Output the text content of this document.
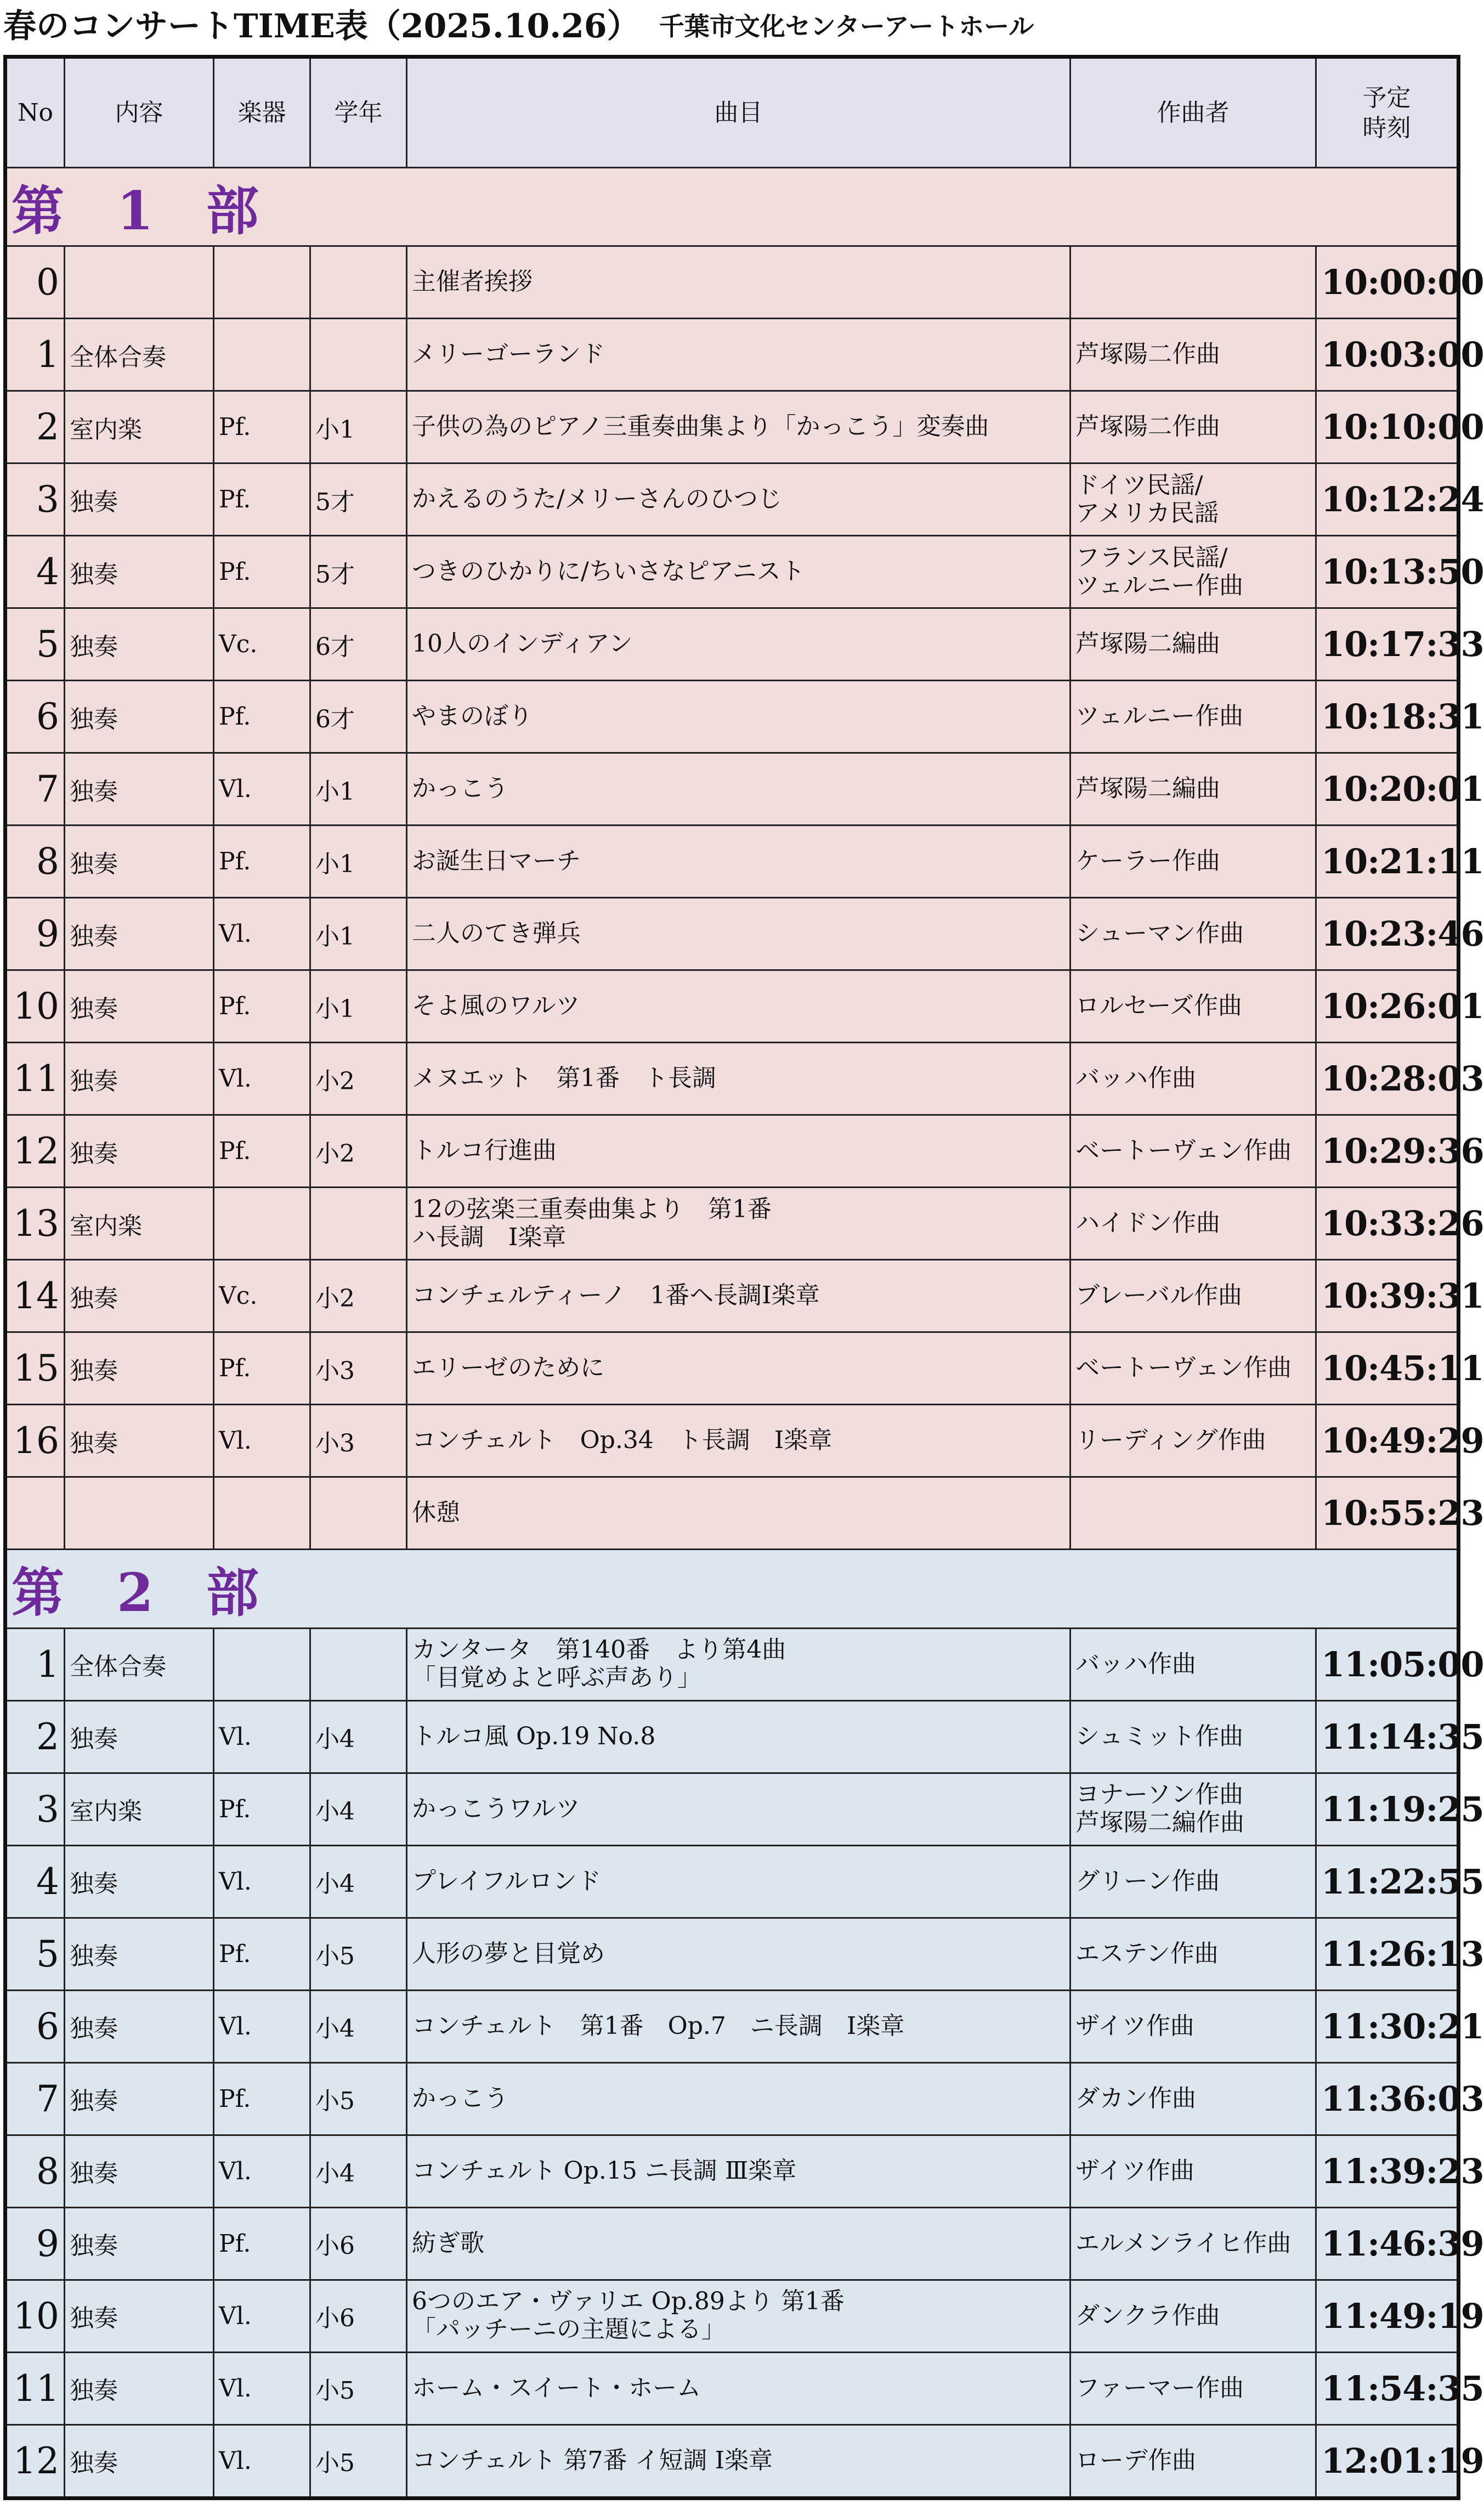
春のコンサートTIME表（2025.10.26） 千葉市文化センターアートホール
No	内容	楽器	学年	曲目	作曲者	予定
時刻
第　1　部						
0				主催者挨拶		10:00:00
1	全体合奏			メリーゴーランド	芦塚陽二作曲	10:03:00
2	室内楽	Pf.	小1	子供の為のピアノ三重奏曲集より「かっこう」変奏曲	芦塚陽二作曲	10:10:00
3	独奏	Pf.	5才	かえるのうた/メリーさんのひつじ	ドイツ民謡/
アメリカ民謡	10:12:24
4	独奏	Pf.	5才	つきのひかりに/ちいさなピアニスト	フランス民謡/
ツェルニー作曲	10:13:50
5	独奏	Vc.	6才	10人のインディアン	芦塚陽二編曲	10:17:33
6	独奏	Pf.	6才	やまのぼり	ツェルニー作曲	10:18:31
7	独奏	Vl.	小1	かっこう	芦塚陽二編曲	10:20:01
8	独奏	Pf.	小1	お誕生日マーチ	ケーラー作曲	10:21:11
9	独奏	Vl.	小1	二人のてき弾兵	シューマン作曲	10:23:46
10	独奏	Pf.	小1	そよ風のワルツ	ロルセーズ作曲	10:26:01
11	独奏	Vl.	小2	メヌエット　第1番　ト長調	バッハ作曲	10:28:03
12	独奏	Pf.	小2	トルコ行進曲	ベートーヴェン作曲	10:29:36
13	室内楽			12の弦楽三重奏曲集より　第1番
ハ長調　Ⅰ楽章	ハイドン作曲	10:33:26
14	独奏	Vc.	小2	コンチェルティーノ　1番ヘ長調Ⅰ楽章	ブレーバル作曲	10:39:31
15	独奏	Pf.	小3	エリーゼのために	ベートーヴェン作曲	10:45:11
16	独奏	Vl.	小3	コンチェルト　Op.34　ト長調　Ⅰ楽章	リーディング作曲	10:49:29
				休憩		10:55:23
第　2　部						
1	全体合奏			カンタータ　第140番　より第4曲
「目覚めよと呼ぶ声あり」	バッハ作曲	11:05:00
2	独奏	Vl.	小4	トルコ風 Op.19 No.8	シュミット作曲	11:14:35
3	室内楽	Pf.	小4	かっこうワルツ	ヨナーソン作曲
芦塚陽二編作曲	11:19:25
4	独奏	Vl.	小4	プレイフルロンド	グリーン作曲	11:22:55
5	独奏	Pf.	小5	人形の夢と目覚め	エステン作曲	11:26:13
6	独奏	Vl.	小4	コンチェルト　第1番　Op.7　ニ長調　Ⅰ楽章	ザイツ作曲	11:30:21
7	独奏	Pf.	小5	かっこう	ダカン作曲	11:36:03
8	独奏	Vl.	小4	コンチェルト Op.15 ニ長調 Ⅲ楽章	ザイツ作曲	11:39:23
9	独奏	Pf.	小6	紡ぎ歌	エルメンライヒ作曲	11:46:39
10	独奏	Vl.	小6	6つのエア・ヴァリエ Op.89より 第1番
「パッチーニの主題による」	ダンクラ作曲	11:49:19
11	独奏	Vl.	小5	ホーム・スイート・ホーム	ファーマー作曲	11:54:35
12	独奏	Vl.	小5	コンチェルト 第7番 イ短調 Ⅰ楽章	ローデ作曲	12:01:19
